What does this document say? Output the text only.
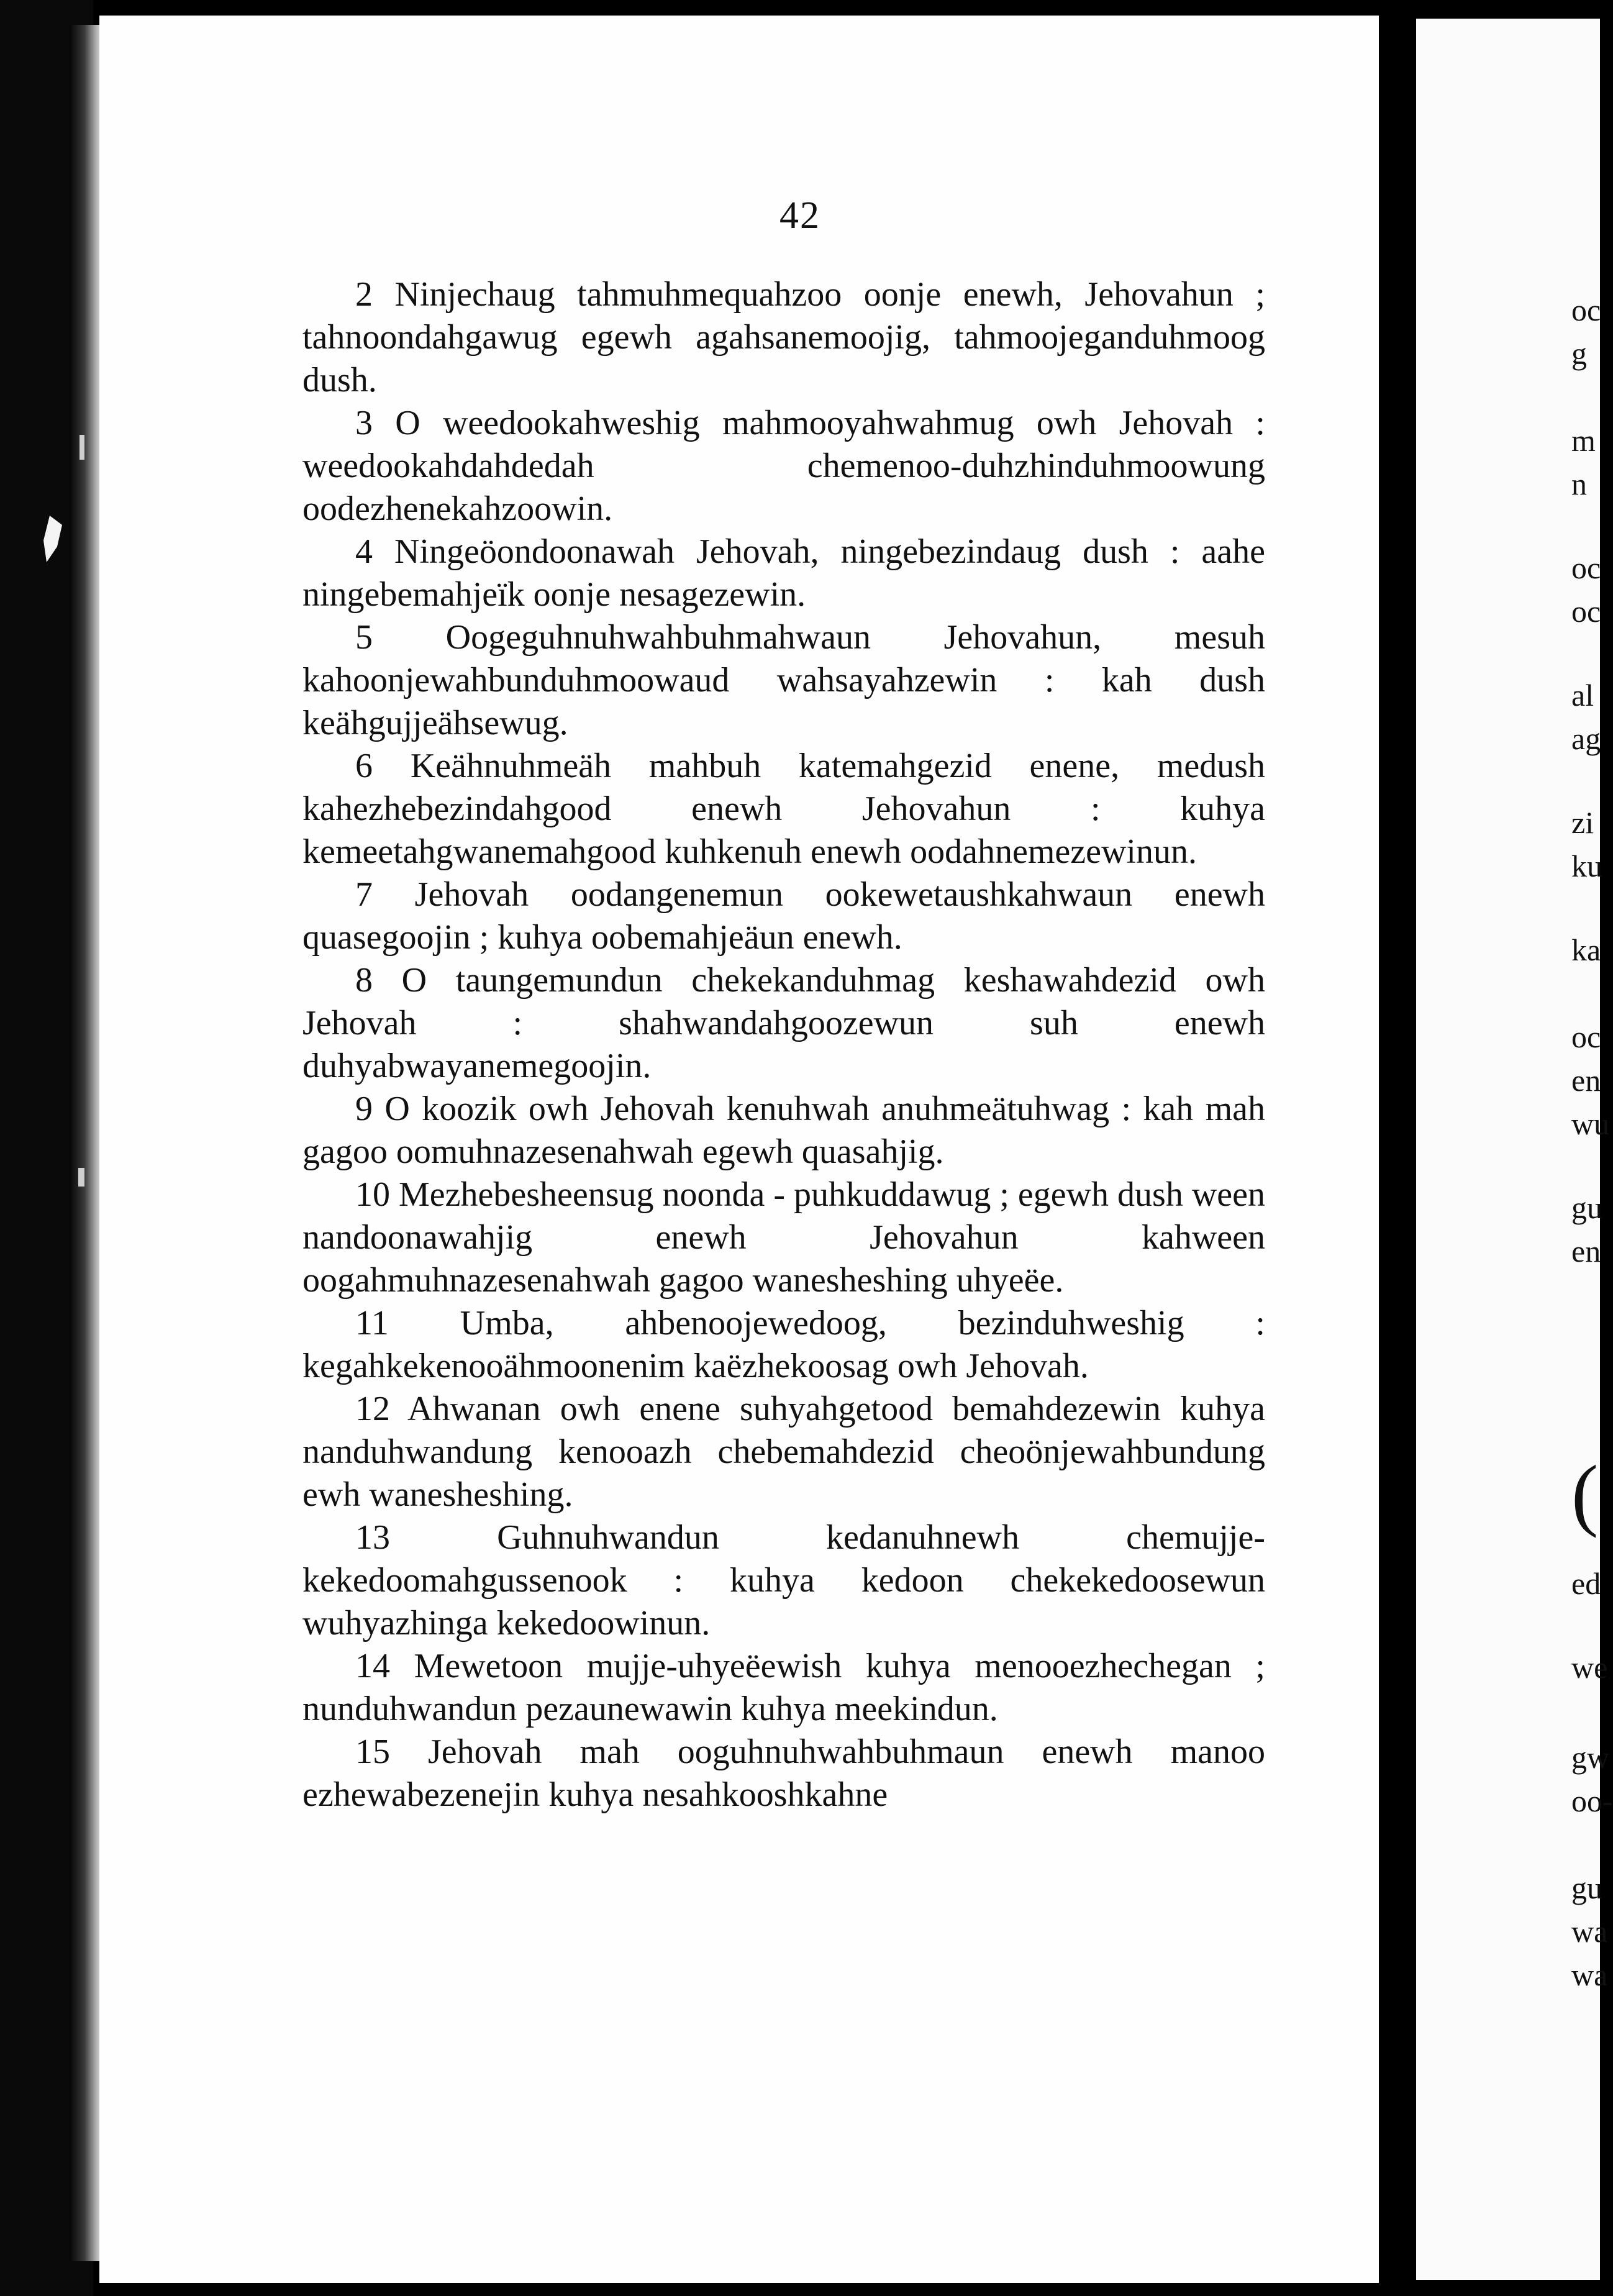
42

2 Ninjechaug tahmuhmequahzoo oonje enewh, Jehovahun ; tahnoondahgawug egewh agahsanemoojig, tahmoojeganduhmoog dush.

3 O weedookahweshig mahmooyahwahmug owh Jehovah : weedookahdahdedah chemenoo-duhzhinduhmoowung oodezhenekahzoowin.

4 Ningeöondoonawah Jehovah, ningebezindaug dush : aahe ningebemahjeïk oonje nesagezewin.

5 Oogeguhnuhwahbuhmahwaun Jehovahun, mesuh kahoonjewahbunduhmoowaud wahsayahzewin : kah dush keähgujjeähsewug.

6 Keähnuhmeäh mahbuh katemahgezid enene, medush kahezhebezindahgood enewh Jehovahun : kuhya kemeetahgwanemahgood kuhkenuh enewh oodahnemezewinun.

7 Jehovah oodangenemun ookewetaushkahwaun enewh quasegoojin ; kuhya oobemahjeäun enewh.

8 O taungemundun chekekanduhmag keshawahdezid owh Jehovah : shahwandahgoozewun suh enewh duhyabwayanemegoojin.

9 O koozik owh Jehovah kenuhwah anuhmeätuhwag : kah mah gagoo oomuhnazesenahwah egewh quasahjig.

10 Mezhebesheensug noonda - puhkuddawug ; egewh dush ween nandoonawahjig enewh Jehovahun kahween oogahmuhnazesenahwah gagoo wanesheshing uhyeëe.

11 Umba, ahbenoojewedoog, bezinduhweshig : kegahkekenooähmoonenim kaëzhekoosag owh Jehovah.

12 Ahwanan owh enene suhyahgetood bemahdezewin kuhya nanduhwandung kenooazh chebemahdezid cheoönjewahbundung ewh wanesheshing.

13 Guhnuhwandun kedanuhnewh chemujje-kekedoomahgussenook : kuhya kedoon chekekedoosewun wuhyazhinga kekedoowinun.

14 Mewetoon mujje-uhyeëewish kuhya menooezhechegan ; nunduhwandun pezaunewawin kuhya meekindun.

15 Jehovah mah ooguhnuhwahbuhmaun enewh manoo ezhewabezenejin kuhya nesahkooshkahne

oc
g
m
n
oc
oc
al
ag
zi
ku
ka
oc
en
wu
gu
en
(
ed
we
gw
oo-
gu
wa
wa
